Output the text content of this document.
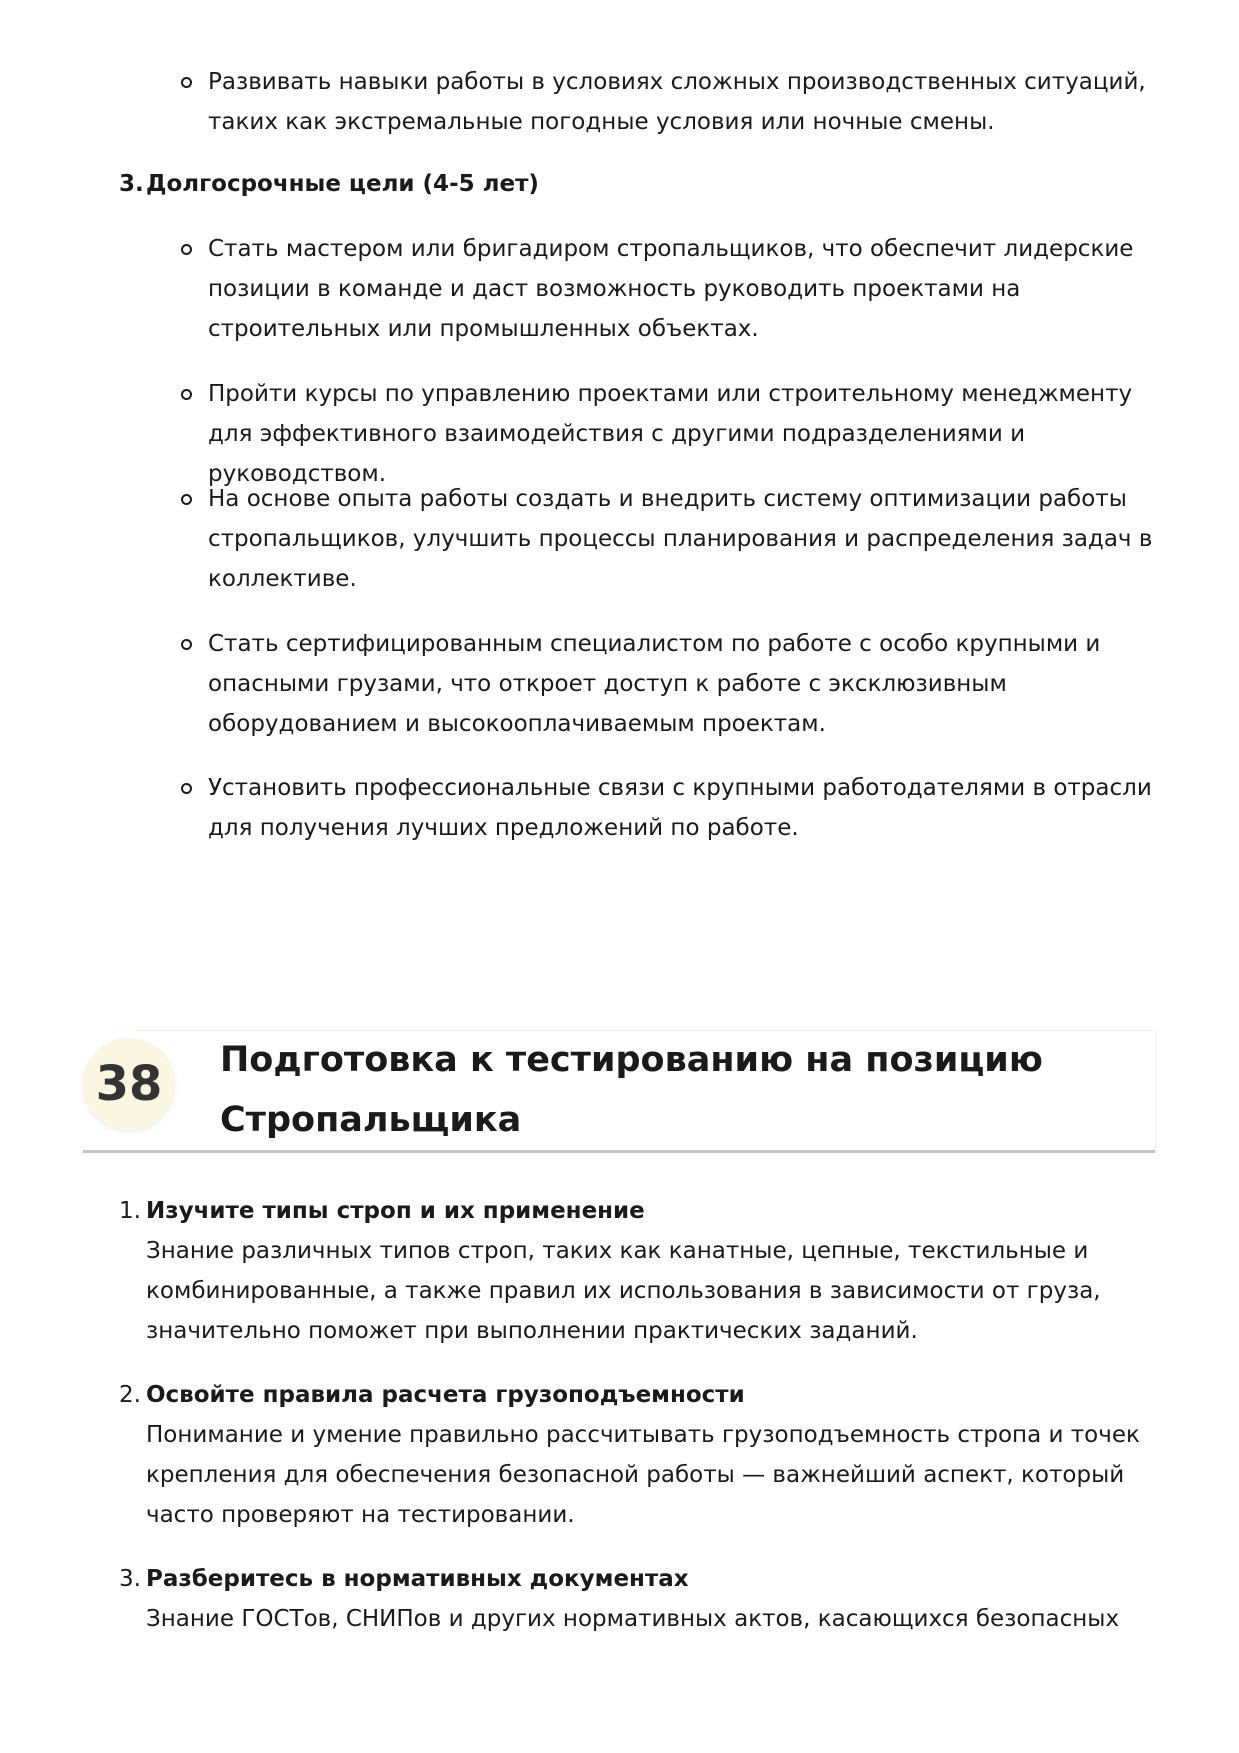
Развивать навыки работы в условиях сложных производственных ситуаций, таких как экстремальные погодные условия или ночные смены.
3. Долгосрочные цели (4-5 лет)
Стать мастером или бригадиром стропальщиков, что обеспечит лидерские позиции в команде и даст возможность руководить проектами на строительных или промышленных объектах.
Пройти курсы по управлению проектами или строительному менеджменту для эффективного взаимодействия с другими подразделениями и руководством.
На основе опыта работы создать и внедрить систему оптимизации работы стропальщиков, улучшить процессы планирования и распределения задач в коллективе.
Стать сертифицированным специалистом по работе с особо крупными и опасными грузами, что откроет доступ к работе с эксклюзивным оборудованием и высокооплачиваемым проектам.
Установить профессиональные связи с крупными работодателями в отрасли для получения лучших предложений по работе.
38	Подготовка к тестированию на позицию Стропальщика
1. Изучите типы строп и их применение
Знание различных типов строп, таких как канатные, цепные, текстильные и комбинированные, а также правил их использования в зависимости от груза, значительно поможет при выполнении практических заданий.
2. Освойте правила расчета грузоподъемности
Понимание и умение правильно рассчитывать грузоподъемность стропа и точек крепления для обеспечения безопасной работы — важнейший аспект, который часто проверяют на тестировании.
3. Разберитесь в нормативных документах
Знание ГОСТов, СНИПов и других нормативных актов, касающихся безопасных
